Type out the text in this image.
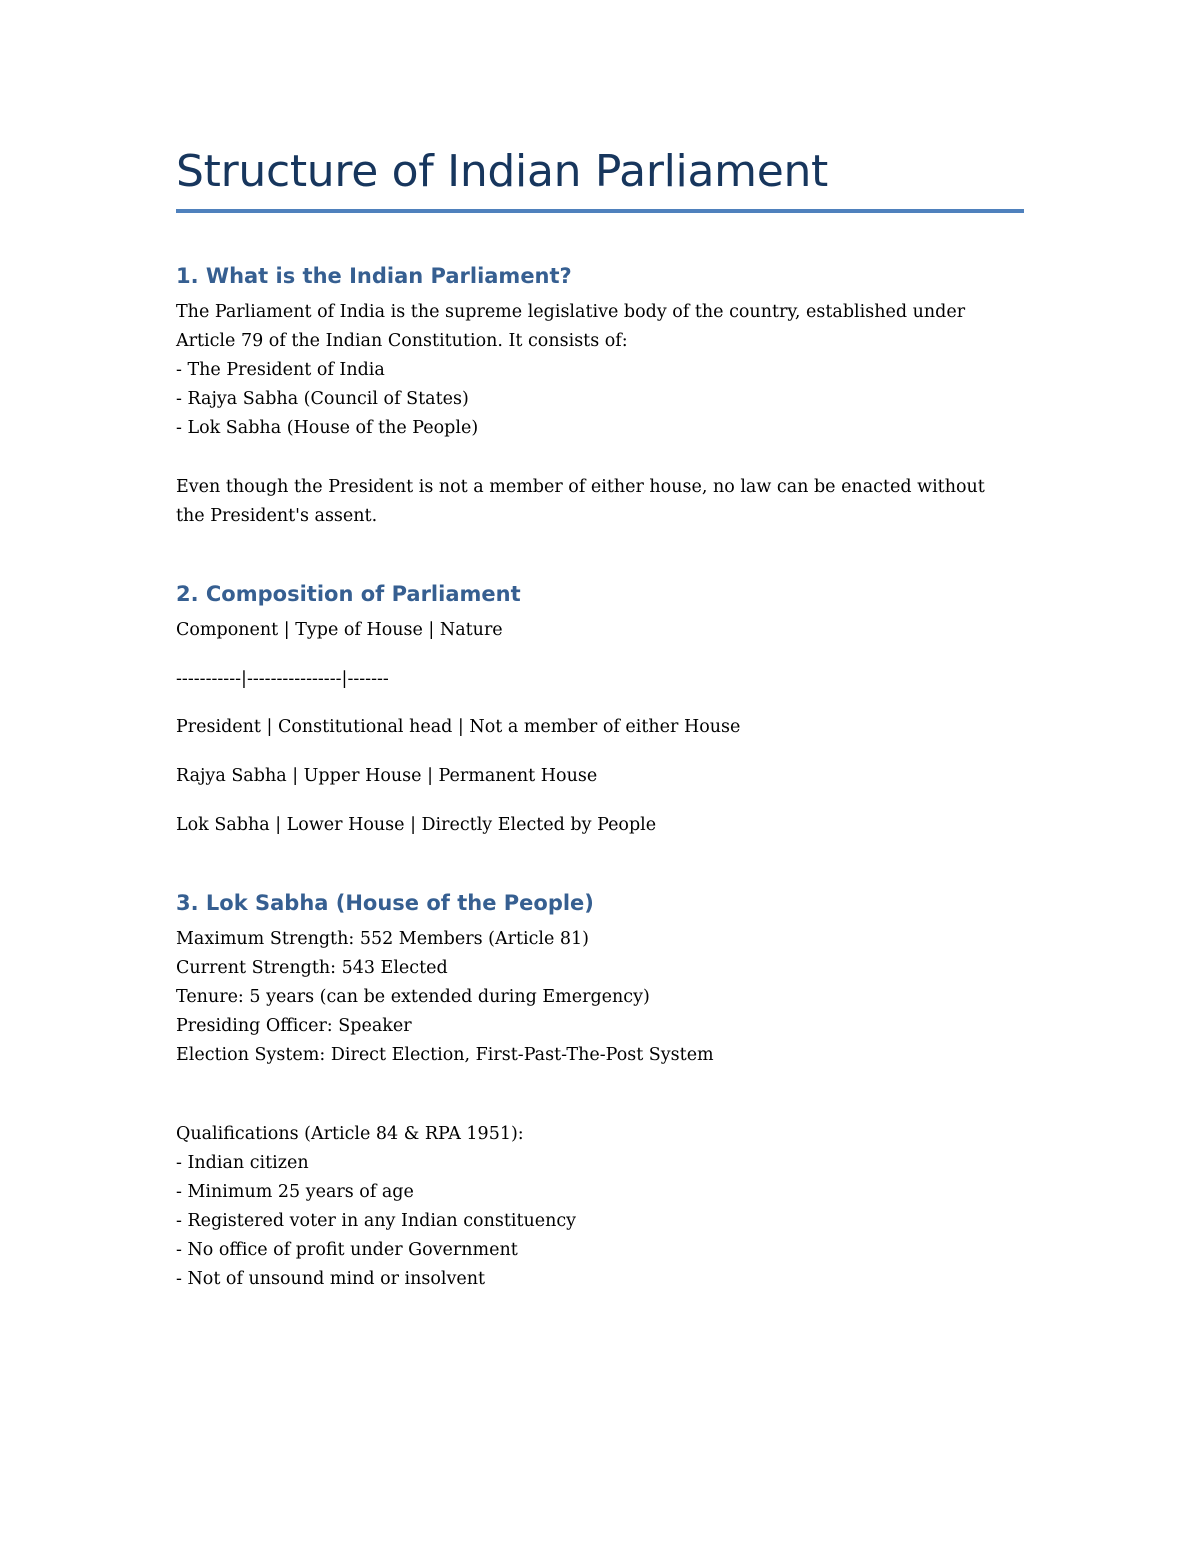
Structure of Indian Parliament
1. What is the Indian Parliament?
The Parliament of India is the supreme legislative body of the country, established under
Article 79 of the Indian Constitution. It consists of:
- The President of India
- Rajya Sabha (Council of States)
- Lok Sabha (House of the People)
Even though the President is not a member of either house, no law can be enacted without
the President's assent.
2. Composition of Parliament

Component | Type of House | Nature

-----------|----------------|-------

President | Constitutional head | Not a member of either House

Rajya Sabha | Upper House | Permanent House

Lok Sabha | Lower House | Directly Elected by People

3. Lok Sabha (House of the People)
Maximum Strength: 552 Members (Article 81)
Current Strength: 543 Elected
Tenure: 5 years (can be extended during Emergency)
Presiding Officer: Speaker
Election System: Direct Election, First-Past-The-Post System
Qualifications (Article 84 & RPA 1951):
- Indian citizen
- Minimum 25 years of age
- Registered voter in any Indian constituency
- No office of profit under Government
- Not of unsound mind or insolvent
